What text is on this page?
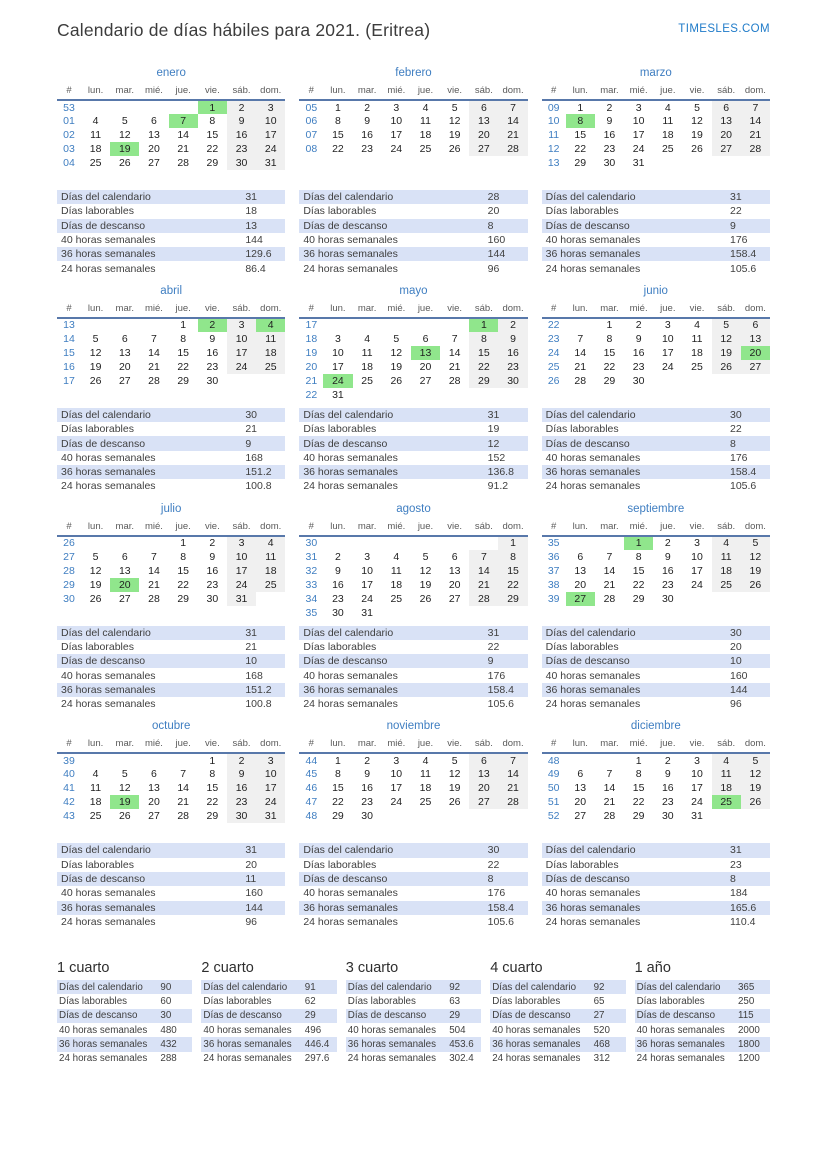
Calendario de días hábiles para 2021. (Eritrea)	TIMESLES.COM
enero
#	lun.	mar.	mié.	jue.	vie.	sáb.	dom.
53					1	2	3
01	4	5	6	7	8	9	10
02	11	12	13	14	15	16	17
03	18	19	20	21	22	23	24
04	25	26	27	28	29	30	31
Días del calendario	31
Días laborables	18
Días de descanso	13
40 horas semanales	144
36 horas semanales	129.6
24 horas semanales	86.4
febrero
#	lun.	mar.	mié.	jue.	vie.	sáb.	dom.
05	1	2	3	4	5	6	7
06	8	9	10	11	12	13	14
07	15	16	17	18	19	20	21
08	22	23	24	25	26	27	28
Días del calendario	28
Días laborables	20
Días de descanso	8
40 horas semanales	160
36 horas semanales	144
24 horas semanales	96
marzo
#	lun.	mar.	mié.	jue.	vie.	sáb.	dom.
09	1	2	3	4	5	6	7
10	8	9	10	11	12	13	14
11	15	16	17	18	19	20	21
12	22	23	24	25	26	27	28
13	29	30	31				
Días del calendario	31
Días laborables	22
Días de descanso	9
40 horas semanales	176
36 horas semanales	158.4
24 horas semanales	105.6
abril
#	lun.	mar.	mié.	jue.	vie.	sáb.	dom.
13				1	2	3	4
14	5	6	7	8	9	10	11
15	12	13	14	15	16	17	18
16	19	20	21	22	23	24	25
17	26	27	28	29	30		
Días del calendario	30
Días laborables	21
Días de descanso	9
40 horas semanales	168
36 horas semanales	151.2
24 horas semanales	100.8
mayo
#	lun.	mar.	mié.	jue.	vie.	sáb.	dom.
17						1	2
18	3	4	5	6	7	8	9
19	10	11	12	13	14	15	16
20	17	18	19	20	21	22	23
21	24	25	26	27	28	29	30
22	31						
Días del calendario	31
Días laborables	19
Días de descanso	12
40 horas semanales	152
36 horas semanales	136.8
24 horas semanales	91.2
junio
#	lun.	mar.	mié.	jue.	vie.	sáb.	dom.
22		1	2	3	4	5	6
23	7	8	9	10	11	12	13
24	14	15	16	17	18	19	20
25	21	22	23	24	25	26	27
26	28	29	30				
Días del calendario	30
Días laborables	22
Días de descanso	8
40 horas semanales	176
36 horas semanales	158.4
24 horas semanales	105.6
julio
#	lun.	mar.	mié.	jue.	vie.	sáb.	dom.
26				1	2	3	4
27	5	6	7	8	9	10	11
28	12	13	14	15	16	17	18
29	19	20	21	22	23	24	25
30	26	27	28	29	30	31	
Días del calendario	31
Días laborables	21
Días de descanso	10
40 horas semanales	168
36 horas semanales	151.2
24 horas semanales	100.8
agosto
#	lun.	mar.	mié.	jue.	vie.	sáb.	dom.
30							1
31	2	3	4	5	6	7	8
32	9	10	11	12	13	14	15
33	16	17	18	19	20	21	22
34	23	24	25	26	27	28	29
35	30	31					
Días del calendario	31
Días laborables	22
Días de descanso	9
40 horas semanales	176
36 horas semanales	158.4
24 horas semanales	105.6
septiembre
#	lun.	mar.	mié.	jue.	vie.	sáb.	dom.
35			1	2	3	4	5
36	6	7	8	9	10	11	12
37	13	14	15	16	17	18	19
38	20	21	22	23	24	25	26
39	27	28	29	30			
Días del calendario	30
Días laborables	20
Días de descanso	10
40 horas semanales	160
36 horas semanales	144
24 horas semanales	96
octubre
#	lun.	mar.	mié.	jue.	vie.	sáb.	dom.
39					1	2	3
40	4	5	6	7	8	9	10
41	11	12	13	14	15	16	17
42	18	19	20	21	22	23	24
43	25	26	27	28	29	30	31
Días del calendario	31
Días laborables	20
Días de descanso	11
40 horas semanales	160
36 horas semanales	144
24 horas semanales	96
noviembre
#	lun.	mar.	mié.	jue.	vie.	sáb.	dom.
44	1	2	3	4	5	6	7
45	8	9	10	11	12	13	14
46	15	16	17	18	19	20	21
47	22	23	24	25	26	27	28
48	29	30					
Días del calendario	30
Días laborables	22
Días de descanso	8
40 horas semanales	176
36 horas semanales	158.4
24 horas semanales	105.6
diciembre
#	lun.	mar.	mié.	jue.	vie.	sáb.	dom.
48			1	2	3	4	5
49	6	7	8	9	10	11	12
50	13	14	15	16	17	18	19
51	20	21	22	23	24	25	26
52	27	28	29	30	31		
Días del calendario	31
Días laborables	23
Días de descanso	8
40 horas semanales	184
36 horas semanales	165.6
24 horas semanales	110.4
1 cuarto
Días del calendario	90
Días laborables	60
Días de descanso	30
40 horas semanales	480
36 horas semanales	432
24 horas semanales	288
2 cuarto
Días del calendario	91
Días laborables	62
Días de descanso	29
40 horas semanales	496
36 horas semanales	446.4
24 horas semanales	297.6
3 cuarto
Días del calendario	92
Días laborables	63
Días de descanso	29
40 horas semanales	504
36 horas semanales	453.6
24 horas semanales	302.4
4 cuarto
Días del calendario	92
Días laborables	65
Días de descanso	27
40 horas semanales	520
36 horas semanales	468
24 horas semanales	312
1 año
Días del calendario	365
Días laborables	250
Días de descanso	115
40 horas semanales	2000
36 horas semanales	1800
24 horas semanales	1200
